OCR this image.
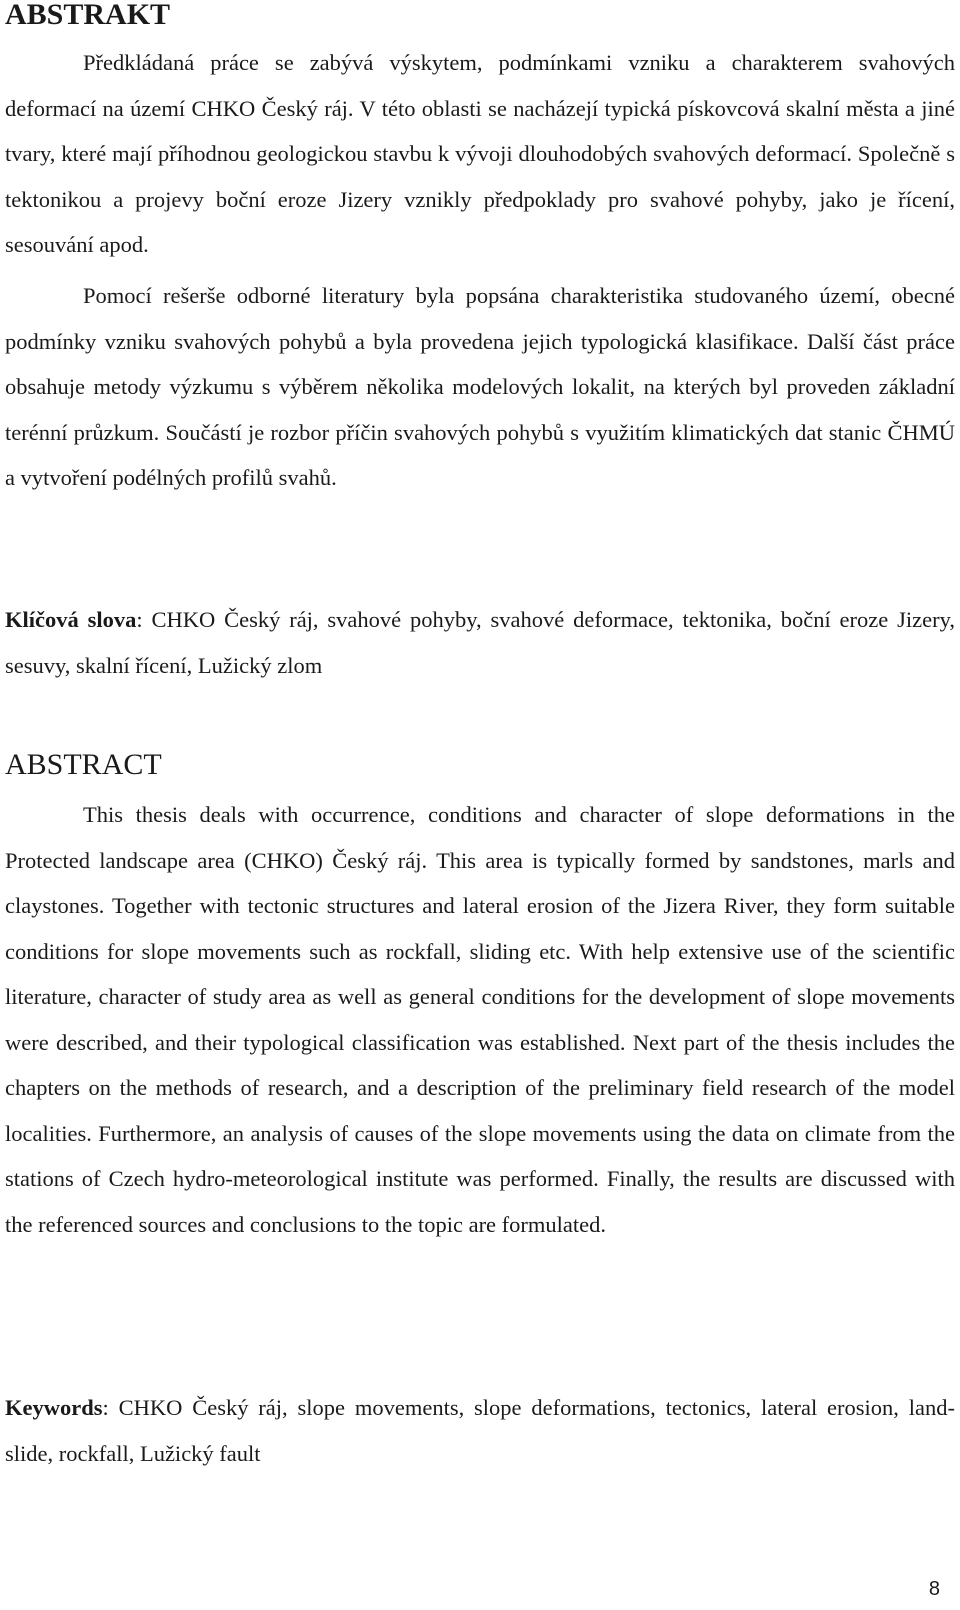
ABSTRAKT

Předkládaná práce se zabývá výskytem, podmínkami vzniku a charakterem svahových deformací na území CHKO Český ráj. V této oblasti se nacházejí typická pískovcová skalní města a jiné tvary, které mají příhodnou geologickou stavbu k vývoji dlouhodobých svahových deformací. Společně s tektonikou a projevy boční eroze Jizery vznikly předpoklady pro svahové pohyby, jako je řícení, sesouvání apod.

Pomocí rešerše odborné literatury byla popsána charakteristika studovaného území, obecné podmínky vzniku svahových pohybů a byla provedena jejich typologická klasifikace. Další část práce obsahuje metody výzkumu s výběrem několika modelových lokalit, na kterých byl proveden základní terénní průzkum. Součástí je rozbor příčin svahových pohybů s využitím klimatických dat stanic ČHMÚ a vytvoření podélných profilů svahů.

Klíčová slova: CHKO Český ráj, svahové pohyby, svahové deformace, tektonika, boční eroze Jizery, sesuvy, skalní řícení, Lužický zlom

ABSTRACT

This thesis deals with occurrence, conditions and character of slope deformations in the Protected landscape area (CHKO) Český ráj. This area is typically formed by sandstones, marls and claystones. Together with tectonic structures and lateral erosion of the Jizera River, they form suitable conditions for slope movements such as rockfall, sliding etc. With help extensive use of the scientific literature, character of study area as well as general conditions for the development of slope movements were described, and their typological classification was established. Next part of the thesis includes the chapters on the methods of research, and a description of the preliminary field research of the model localities. Furthermore, an analysis of causes of the slope movements using the data on climate from the stations of Czech hydro-meteorological institute was performed. Finally, the results are discussed with the referenced sources and conclusions to the topic are formulated.

Keywords: CHKO Český ráj, slope movements, slope deformations, tectonics, lateral erosion, land-slide, rockfall, Lužický fault

8
